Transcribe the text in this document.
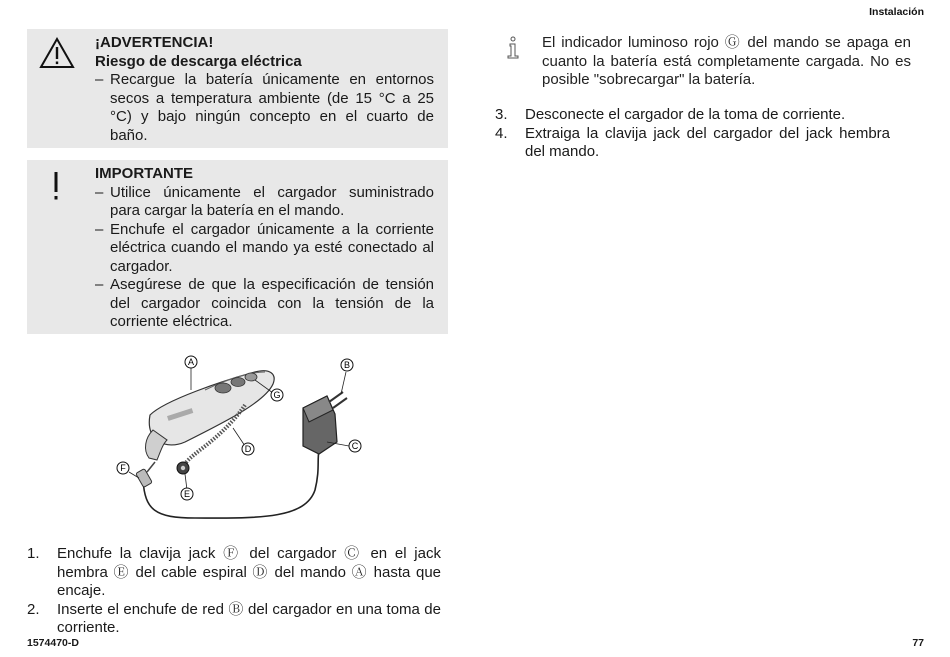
Instalación
¡ADVERTENCIA!
Riesgo de descarga eléctrica
– Recargue la batería únicamente en entornos secos a temperatura ambiente (de 15 °C a 25 °C) y bajo ningún concepto en el cuarto de baño.
IMPORTANTE
– Utilice únicamente el cargador suministrado para cargar la batería en el mando.
– Enchufe el cargador únicamente a la corriente eléctrica cuando el mando ya esté conectado al cargador.
– Asegúrese de que la especificación de tensión del cargador coincida con la tensión de la corriente eléctrica.
A	B
C
G
D
F
E
1. Enchufe la clavija jack Ⓕ del cargador Ⓒ en el jack hembra Ⓔ del cable espiral Ⓓ del mando Ⓐ hasta que encaje.
2. Inserte el enchufe de red Ⓑ del cargador en una toma de corriente.
El indicador luminoso rojo Ⓖ del mando se apaga en cuanto la batería está completamente cargada. No es posible "sobrecargar" la batería.
3. Desconecte el cargador de la toma de corriente.
4. Extraiga la clavija jack del cargador del jack hembra del mando.
1574470-D	77
